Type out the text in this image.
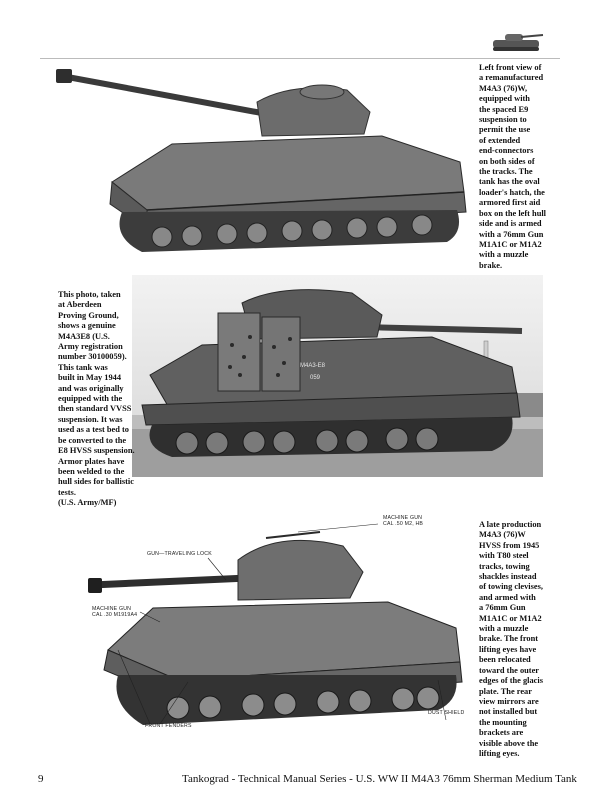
Left front view of
a remanufactured
M4A3 (76)W,
equipped with
the spaced E9
suspension to
permit the use
of extended
end-connectors
on both sides of
the tracks. The
tank has the oval
loader's hatch, the
armored first aid
box on the left hull
side and is armed
with a 76mm Gun
M1A1C or M1A2
with a muzzle
brake.
M4A3-E8
059
This photo, taken
at Aberdeen
Proving Ground,
shows a genuine
M4A3E8 (U.S.
Army registration
number 30100059).
This tank was
built in May 1944
and was originally
equipped with the
then standard VVSS
suspension. It was
used as a test bed to
be converted to the
E8 HVSS suspension.
Armor plates have
been welded to the
hull sides for ballistic
tests.
(U.S. Army/MF)
MACHINE GUN
CAL .50 M2, HB
GUN—TRAVELING LOCK
MACHINE GUN
CAL .30 M1919A4
FRONT FENDERS
DUST SHIELD
A late production
M4A3 (76)W
HVSS from 1945
with T80 steel
tracks, towing
shackles instead
of towing clevises,
and armed with
a 76mm Gun
M1A1C or M1A2
with a muzzle
brake. The front
lifting eyes have
been relocated
toward the outer
edges of the glacis
plate. The rear
view mirrors are
not installed but
the mounting
brackets are
visible above the
lifting eyes.
9	Tankograd - Technical Manual Series - U.S. WW II M4A3 76mm Sherman Medium Tank
